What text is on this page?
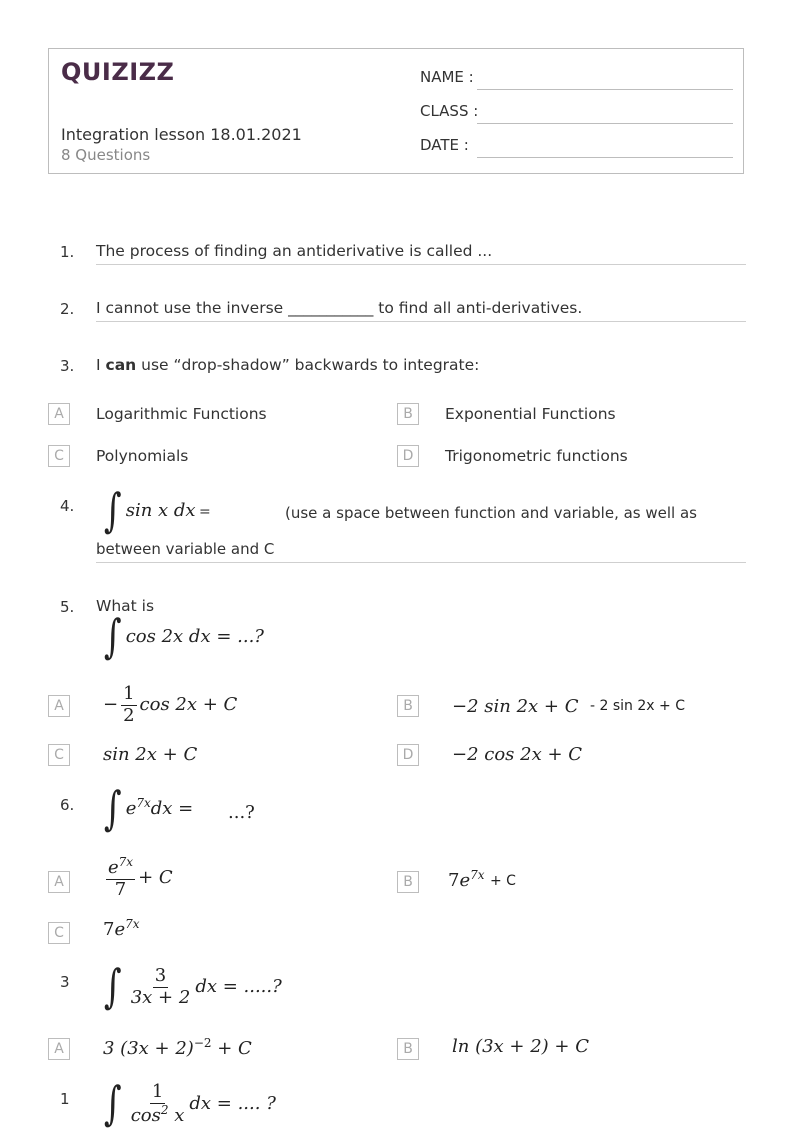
QUIZIZZ
Integration lesson 18.01.2021
8 Questions
NAME :
CLASS :
DATE :
1. The process of finding an antiderivative is called ...
2. I cannot use the inverse ___________ to find all anti-derivatives.
3. I can use “drop-shadow” backwards to integrate:
A	Logarithmic Functions	B	Exponential Functions
C	Polynomials	D	Trigonometric functions
4. ∫ sin x dx =	(use a space between function and variable, as well as
between variable and C
5. What is
∫ cos 2x dx = ...?
A	− $\frac{1}{2}$ cos 2x + C	B	−2 sin 2x + C - 2 sin 2x + C
C	sin 2x + C	D	−2 cos 2x + C
6. ∫ $e^{7x}dx$ = ...?
A	$\frac{e^{7x}}{7} + C$	B	$7e^{7x} + C$
C	$7e^{7x}$
3 ∫ $\frac{3}{3x + 2}$ dx = .....?
A	3 $(3x + 2)^{-2} + C$	B	ln (3x + 2) + C
1 ∫ $\frac{1}{\cos^2 x}$ dx = .... ?
